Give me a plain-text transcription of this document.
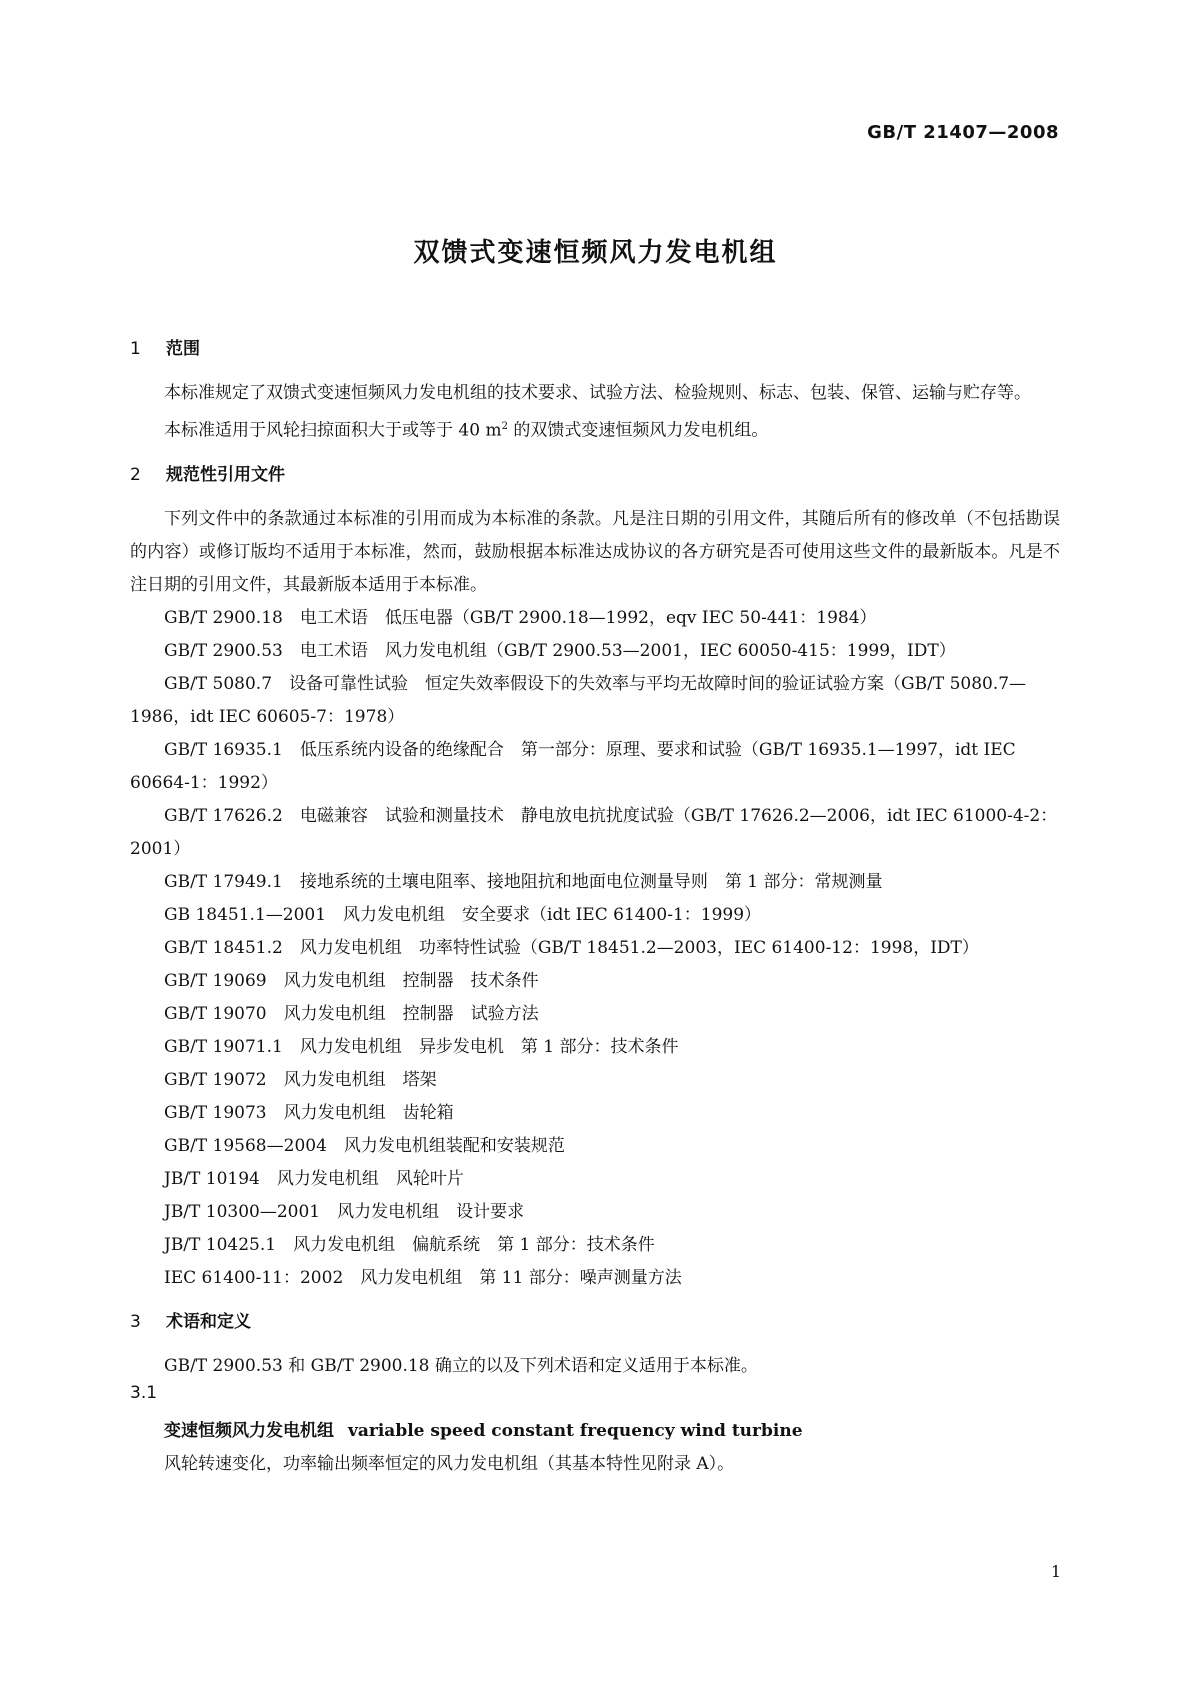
GB/T 21407—2008
双馈式变速恒频风力发电机组

1 范围

本标准规定了双馈式变速恒频风力发电机组的技术要求、试验方法、检验规则、标志、包装、保管、运输与贮存等。

本标准适用于风轮扫掠面积大于或等于 40 $m^2$ 的双馈式变速恒频风力发电机组。

2 规范性引用文件

下列文件中的条款通过本标准的引用而成为本标准的条款。凡是注日期的引用文件，其随后所有的修改单（不包括勘误的内容）或修订版均不适用于本标准，然而，鼓励根据本标准达成协议的各方研究是否可使用这些文件的最新版本。凡是不注日期的引用文件，其最新版本适用于本标准。

GB/T 2900.18　电工术语　低压电器（GB/T 2900.18—1992，eqv IEC 50-441：1984）

GB/T 2900.53　电工术语　风力发电机组（GB/T 2900.53—2001，IEC 60050-415：1999，IDT）

GB/T 5080.7　设备可靠性试验　恒定失效率假设下的失效率与平均无故障时间的验证试验方案（GB/T 5080.7—1986，idt IEC 60605-7：1978）

GB/T 16935.1　低压系统内设备的绝缘配合　第一部分：原理、要求和试验（GB/T 16935.1—1997，idt IEC 60664-1：1992）

GB/T 17626.2　电磁兼容　试验和测量技术　静电放电抗扰度试验（GB/T 17626.2—2006，idt IEC 61000-4-2：2001）

GB/T 17949.1　接地系统的土壤电阻率、接地阻抗和地面电位测量导则　第 1 部分：常规测量

GB 18451.1—2001　风力发电机组　安全要求（idt IEC 61400-1：1999）

GB/T 18451.2　风力发电机组　功率特性试验（GB/T 18451.2—2003，IEC 61400-12：1998，IDT）

GB/T 19069　风力发电机组　控制器　技术条件

GB/T 19070　风力发电机组　控制器　试验方法

GB/T 19071.1　风力发电机组　异步发电机　第 1 部分：技术条件

GB/T 19072　风力发电机组　塔架

GB/T 19073　风力发电机组　齿轮箱

GB/T 19568—2004　风力发电机组装配和安装规范

JB/T 10194　风力发电机组　风轮叶片

JB/T 10300—2001　风力发电机组　设计要求

JB/T 10425.1　风力发电机组　偏航系统　第 1 部分：技术条件

IEC 61400-11：2002　风力发电机组　第 11 部分：噪声测量方法

3 术语和定义

GB/T 2900.53 和 GB/T 2900.18 确立的以及下列术语和定义适用于本标准。

3.1

变速恒频风力发电机组 variable speed constant frequency wind turbine

风轮转速变化，功率输出频率恒定的风力发电机组（其基本特性见附录 A）。

1
